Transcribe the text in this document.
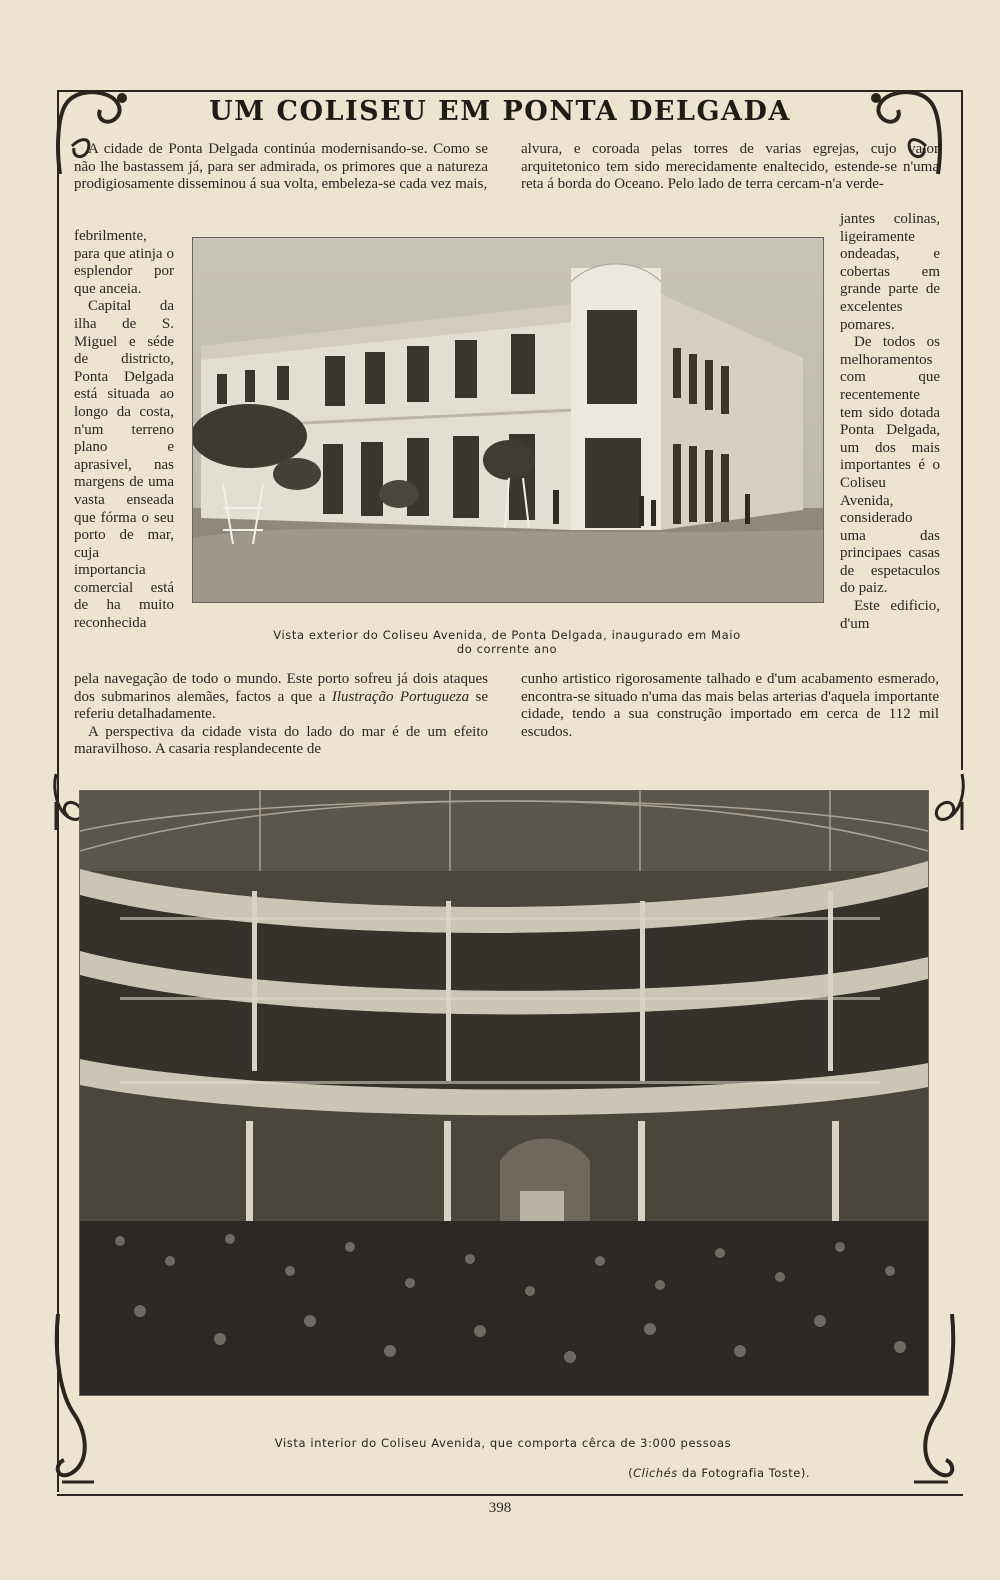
UM COLISEU EM PONTA DELGADA

A cidade de Ponta Delgada continúa modernisando-se. Como se não lhe bastassem já, para ser admirada, os primores que a natureza prodigiosamente disseminou á sua volta, embeleza-se cada vez mais,

febrilmente, para que atinja o esplendor por que anceia.

Capital da ilha de S. Miguel e séde de districto, Ponta Delgada está situada ao longo da costa, n'um terreno plano e aprasivel, nas margens de uma vasta enseada que fórma o seu porto de mar, cuja importancia comercial está de ha muito reconhecida

pela navegação de todo o mundo. Este porto sofreu já dois ataques dos submarinos alemães, factos a que a Ilustração Portugueza se referiu detalhadamente.

A perspectiva da cidade vista do lado do mar é de um efeito maravilhoso. A casaria resplandecente de

alvura, e coroada pelas torres de varias egrejas, cujo valor arquitetonico tem sido merecidamente enaltecido, estende-se n'uma reta á borda do Oceano. Pelo lado de terra cercam-n'a verde-

jantes colinas, ligeiramente ondeadas, e cobertas em grande parte de excelentes pomares.

De todos os melhoramentos com que recentemente tem sido dotada Ponta Delgada, um dos mais importantes é o Coliseu Avenida, considerado uma das principaes casas de espetaculos do paiz.

Este edificio, d'um

cunho artistico rigorosamente talhado e d'um acabamento esmerado, encontra-se situado n'uma das mais belas arterias d'aquela importante cidade, tendo a sua construção importado em cerca de 112 mil escudos.

Vista exterior do Coliseu Avenida, de Ponta Delgada, inaugurado em Maio
do corrente ano
Vista interior do Coliseu Avenida, que comporta cêrca de 3:000 pessoas
(Clichés da Fotografia Toste).
398
